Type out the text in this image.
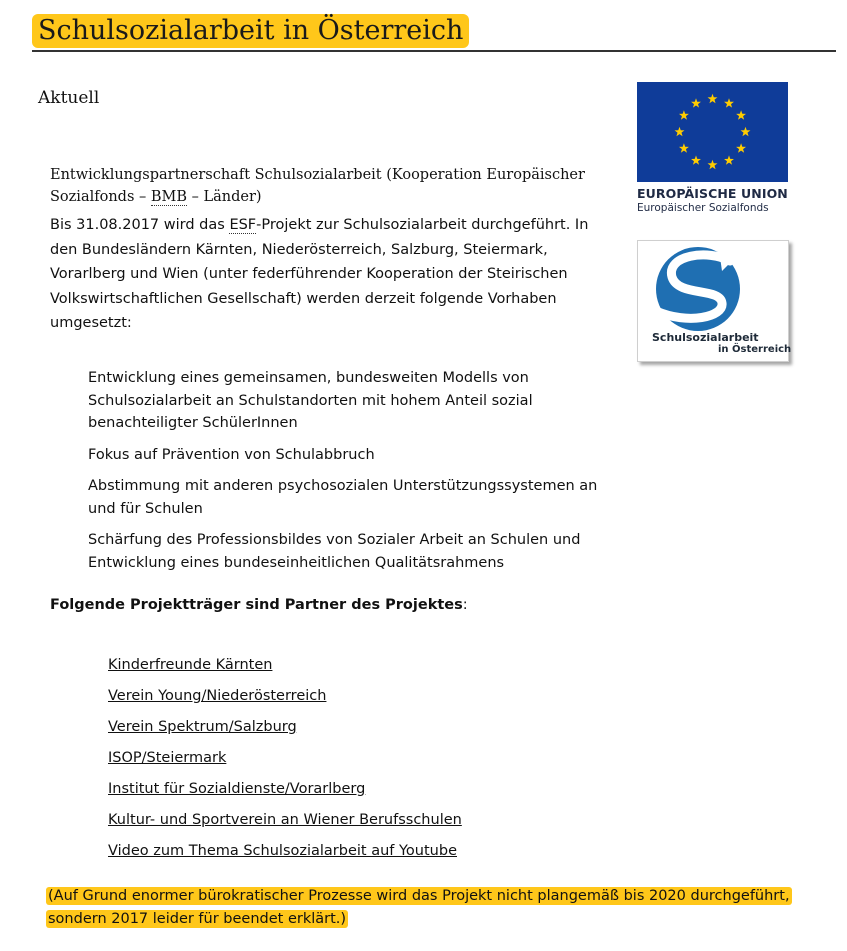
Schulsozialarbeit in Österreich
Aktuell
EUROPÄISCHE UNION
Europäischer Sozialfonds
Schulsozialarbeit
in Österreich
Entwicklungspartnerschaft Schulsozialarbeit (Kooperation Europäischer Sozialfonds – BMB – Länder)

Bis 31.08.2017 wird das ESF-Projekt zur Schulsozialarbeit durchgeführt. In den Bundesländern Kärnten, Niederösterreich, Salzburg, Steiermark, Vorarlberg und Wien (unter federführender Kooperation der Steirischen Volkswirtschaftlichen Gesellschaft) werden derzeit folgende Vorhaben umgesetzt:

Entwicklung eines gemeinsamen, bundesweiten Modells von Schulsozialarbeit an Schulstandorten mit hohem Anteil sozial benachteiligter SchülerInnen
Fokus auf Prävention von Schulabbruch
Abstimmung mit anderen psychosozialen Unterstützungssystemen an und für Schulen
Schärfung des Professionsbildes von Sozialer Arbeit an Schulen und Entwicklung eines bundeseinheitlichen Qualitätsrahmens
Folgende Projektträger sind Partner des Projektes:
Kinderfreunde Kärnten
Verein Young/Niederösterreich
Verein Spektrum/Salzburg
ISOP/Steiermark
Institut für Sozialdienste/Vorarlberg
Kultur- und Sportverein an Wiener Berufsschulen
Video zum Thema Schulsozialarbeit auf Youtube
(Auf Grund enormer bürokratischer Prozesse wird das Projekt nicht plangemäß bis 2020 durchgeführt, sondern 2017 leider für beendet erklärt.)
